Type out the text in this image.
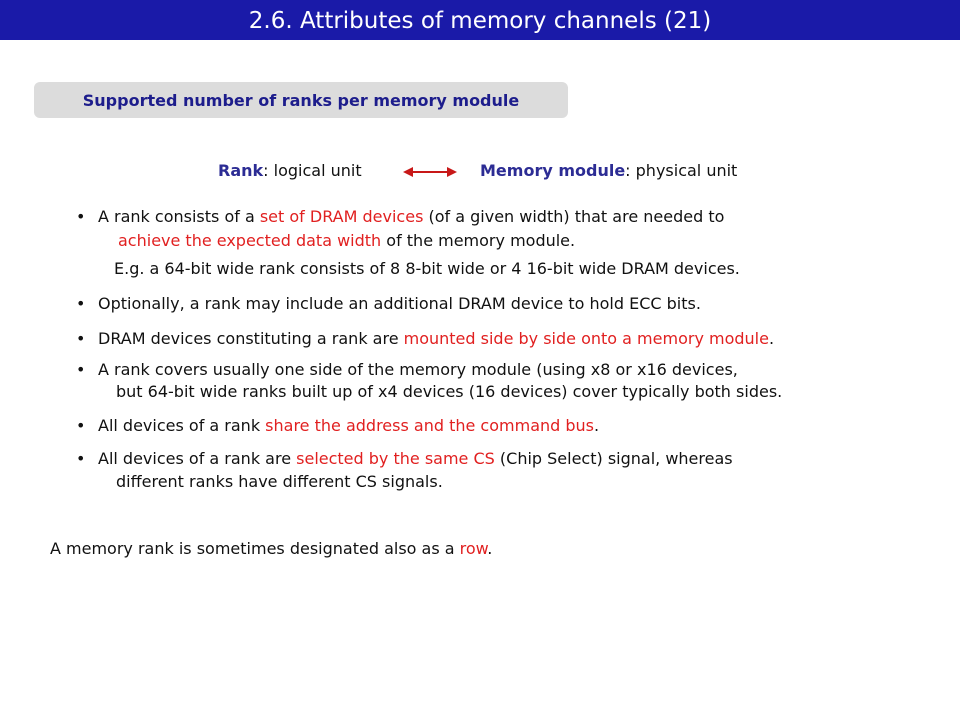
2.6. Attributes of memory channels (21)
Supported number of ranks per memory module
Rank: logical unit	Memory module: physical unit
• A rank consists of a set of DRAM devices (of a given width) that are needed to
achieve the expected data width of the memory module.
E.g. a 64-bit wide rank consists of 8 8-bit wide or 4 16-bit wide DRAM devices.
• Optionally, a rank may include an additional DRAM device to hold ECC bits.
• DRAM devices constituting a rank are mounted side by side onto a memory module.
• A rank covers usually one side of the memory module (using x8 or x16 devices,
but 64-bit wide ranks built up of x4 devices (16 devices) cover typically both sides.
• All devices of a rank share the address and the command bus.
• All devices of a rank are selected by the same CS (Chip Select) signal, whereas
different ranks have different CS signals.
A memory rank is sometimes designated also as a row.
